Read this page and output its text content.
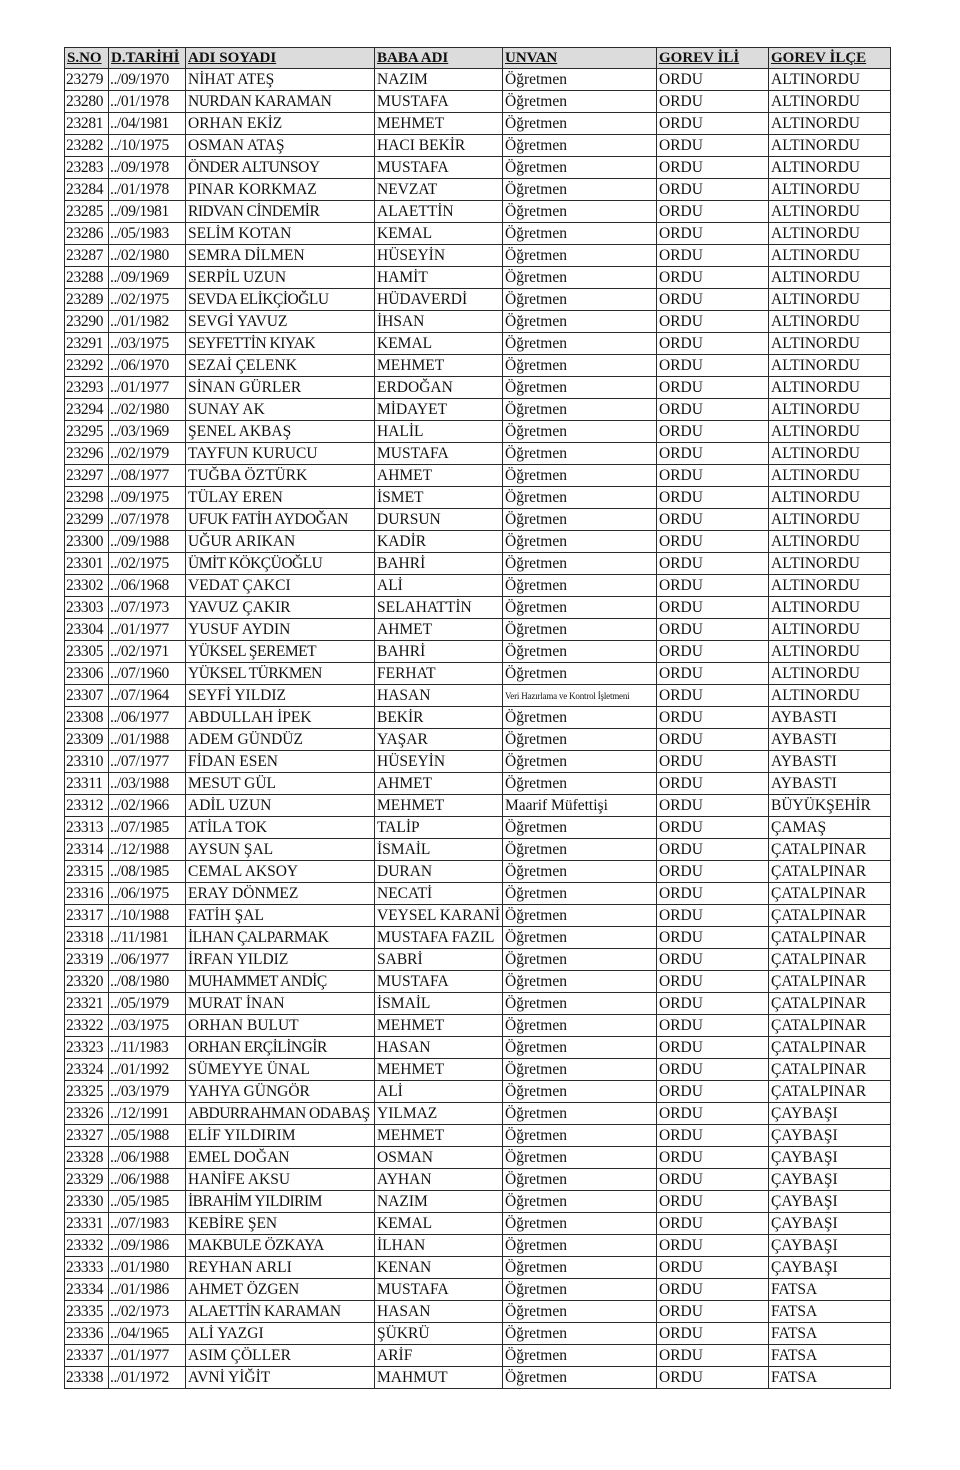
S.NO	D.TARİHİ	ADI SOYADI	BABA ADI	UNVAN	GOREV İLİ	GOREV İLÇE
23279	../09/1970	NİHAT ATEŞ	NAZIM	Öğretmen	ORDU	ALTINORDU
23280	../01/1978	NURDAN KARAMAN	MUSTAFA	Öğretmen	ORDU	ALTINORDU
23281	../04/1981	ORHAN EKİZ	MEHMET	Öğretmen	ORDU	ALTINORDU
23282	../10/1975	OSMAN ATAŞ	HACI BEKİR	Öğretmen	ORDU	ALTINORDU
23283	../09/1978	ÖNDER ALTUNSOY	MUSTAFA	Öğretmen	ORDU	ALTINORDU
23284	../01/1978	PINAR KORKMAZ	NEVZAT	Öğretmen	ORDU	ALTINORDU
23285	../09/1981	RIDVAN CİNDEMİR	ALAETTİN	Öğretmen	ORDU	ALTINORDU
23286	../05/1983	SELİM KOTAN	KEMAL	Öğretmen	ORDU	ALTINORDU
23287	../02/1980	SEMRA DİLMEN	HÜSEYİN	Öğretmen	ORDU	ALTINORDU
23288	../09/1969	SERPİL UZUN	HAMİT	Öğretmen	ORDU	ALTINORDU
23289	../02/1975	SEVDA ELİKÇİOĞLU	HÜDAVERDİ	Öğretmen	ORDU	ALTINORDU
23290	../01/1982	SEVGİ YAVUZ	İHSAN	Öğretmen	ORDU	ALTINORDU
23291	../03/1975	SEYFETTİN KIYAK	KEMAL	Öğretmen	ORDU	ALTINORDU
23292	../06/1970	SEZAİ ÇELENK	MEHMET	Öğretmen	ORDU	ALTINORDU
23293	../01/1977	SİNAN GÜRLER	ERDOĞAN	Öğretmen	ORDU	ALTINORDU
23294	../02/1980	SUNAY AK	MİDAYET	Öğretmen	ORDU	ALTINORDU
23295	../03/1969	ŞENEL AKBAŞ	HALİL	Öğretmen	ORDU	ALTINORDU
23296	../02/1979	TAYFUN KURUCU	MUSTAFA	Öğretmen	ORDU	ALTINORDU
23297	../08/1977	TUĞBA ÖZTÜRK	AHMET	Öğretmen	ORDU	ALTINORDU
23298	../09/1975	TÜLAY EREN	İSMET	Öğretmen	ORDU	ALTINORDU
23299	../07/1978	UFUK FATİH AYDOĞAN	DURSUN	Öğretmen	ORDU	ALTINORDU
23300	../09/1988	UĞUR ARIKAN	KADİR	Öğretmen	ORDU	ALTINORDU
23301	../02/1975	ÜMİT KÖKÇÜOĞLU	BAHRİ	Öğretmen	ORDU	ALTINORDU
23302	../06/1968	VEDAT ÇAKCI	ALİ	Öğretmen	ORDU	ALTINORDU
23303	../07/1973	YAVUZ ÇAKIR	SELAHATTİN	Öğretmen	ORDU	ALTINORDU
23304	../01/1977	YUSUF AYDIN	AHMET	Öğretmen	ORDU	ALTINORDU
23305	../02/1971	YÜKSEL ŞEREMET	BAHRİ	Öğretmen	ORDU	ALTINORDU
23306	../07/1960	YÜKSEL TÜRKMEN	FERHAT	Öğretmen	ORDU	ALTINORDU
23307	../07/1964	SEYFİ YILDIZ	HASAN	Veri Hazırlama ve Kontrol İşletmeni	ORDU	ALTINORDU
23308	../06/1977	ABDULLAH İPEK	BEKİR	Öğretmen	ORDU	AYBASTI
23309	../01/1988	ADEM GÜNDÜZ	YAŞAR	Öğretmen	ORDU	AYBASTI
23310	../07/1977	FİDAN ESEN	HÜSEYİN	Öğretmen	ORDU	AYBASTI
23311	../03/1988	MESUT GÜL	AHMET	Öğretmen	ORDU	AYBASTI
23312	../02/1966	ADİL UZUN	MEHMET	Maarif Müfettişi	ORDU	BÜYÜKŞEHİR
23313	../07/1985	ATİLA TOK	TALİP	Öğretmen	ORDU	ÇAMAŞ
23314	../12/1988	AYSUN ŞAL	İSMAİL	Öğretmen	ORDU	ÇATALPINAR
23315	../08/1985	CEMAL AKSOY	DURAN	Öğretmen	ORDU	ÇATALPINAR
23316	../06/1975	ERAY DÖNMEZ	NECATİ	Öğretmen	ORDU	ÇATALPINAR
23317	../10/1988	FATİH ŞAL	VEYSEL KARANİ	Öğretmen	ORDU	ÇATALPINAR
23318	../11/1981	İLHAN ÇALPARMAK	MUSTAFA FAZIL	Öğretmen	ORDU	ÇATALPINAR
23319	../06/1977	İRFAN YILDIZ	SABRİ	Öğretmen	ORDU	ÇATALPINAR
23320	../08/1980	MUHAMMET ANDİÇ	MUSTAFA	Öğretmen	ORDU	ÇATALPINAR
23321	../05/1979	MURAT İNAN	İSMAİL	Öğretmen	ORDU	ÇATALPINAR
23322	../03/1975	ORHAN BULUT	MEHMET	Öğretmen	ORDU	ÇATALPINAR
23323	../11/1983	ORHAN ERÇİLİNGİR	HASAN	Öğretmen	ORDU	ÇATALPINAR
23324	../01/1992	SÜMEYYE ÜNAL	MEHMET	Öğretmen	ORDU	ÇATALPINAR
23325	../03/1979	YAHYA GÜNGÖR	ALİ	Öğretmen	ORDU	ÇATALPINAR
23326	../12/1991	ABDURRAHMAN ODABAŞ	YILMAZ	Öğretmen	ORDU	ÇAYBAŞI
23327	../05/1988	ELİF YILDIRIM	MEHMET	Öğretmen	ORDU	ÇAYBAŞI
23328	../06/1988	EMEL DOĞAN	OSMAN	Öğretmen	ORDU	ÇAYBAŞI
23329	../06/1988	HANİFE AKSU	AYHAN	Öğretmen	ORDU	ÇAYBAŞI
23330	../05/1985	İBRAHİM YILDIRIM	NAZIM	Öğretmen	ORDU	ÇAYBAŞI
23331	../07/1983	KEBİRE ŞEN	KEMAL	Öğretmen	ORDU	ÇAYBAŞI
23332	../09/1986	MAKBULE ÖZKAYA	İLHAN	Öğretmen	ORDU	ÇAYBAŞI
23333	../01/1980	REYHAN ARLI	KENAN	Öğretmen	ORDU	ÇAYBAŞI
23334	../01/1986	AHMET ÖZGEN	MUSTAFA	Öğretmen	ORDU	FATSA
23335	../02/1973	ALAETTİN KARAMAN	HASAN	Öğretmen	ORDU	FATSA
23336	../04/1965	ALİ YAZGI	ŞÜKRÜ	Öğretmen	ORDU	FATSA
23337	../01/1977	ASIM ÇÖLLER	ARİF	Öğretmen	ORDU	FATSA
23338	../01/1972	AVNİ YİĞİT	MAHMUT	Öğretmen	ORDU	FATSA
